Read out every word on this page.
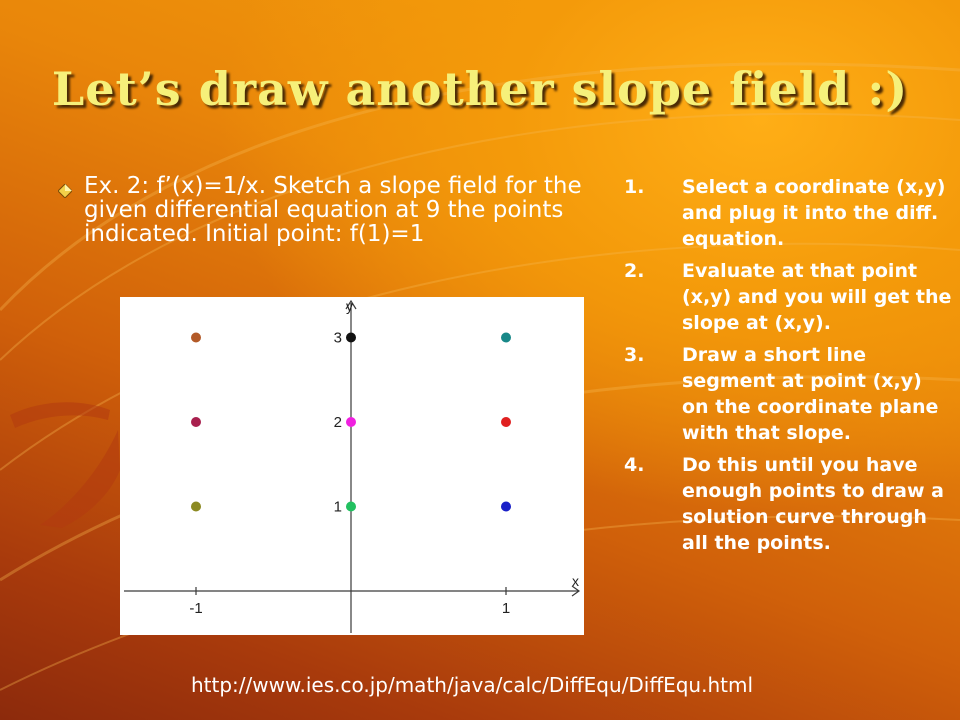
Let’s draw another slope field :)
Ex. 2: f’(x)=1/x. Sketch a slope field for the given differential equation at 9 the points indicated. Initial point: f(1)=1
1.	Select a coordinate (x,y) and plug it into the diff. equation.
2.	Evaluate at that point (x,y) and you will get the slope at (x,y).
3.	Draw a short line segment at point (x,y) on the coordinate plane with that slope.
4.	Do this until you have enough points to draw a solution curve through all the points.
x
y
-1	1
1
2
3
http://www.ies.co.jp/math/java/calc/DiffEqu/DiffEqu.html
